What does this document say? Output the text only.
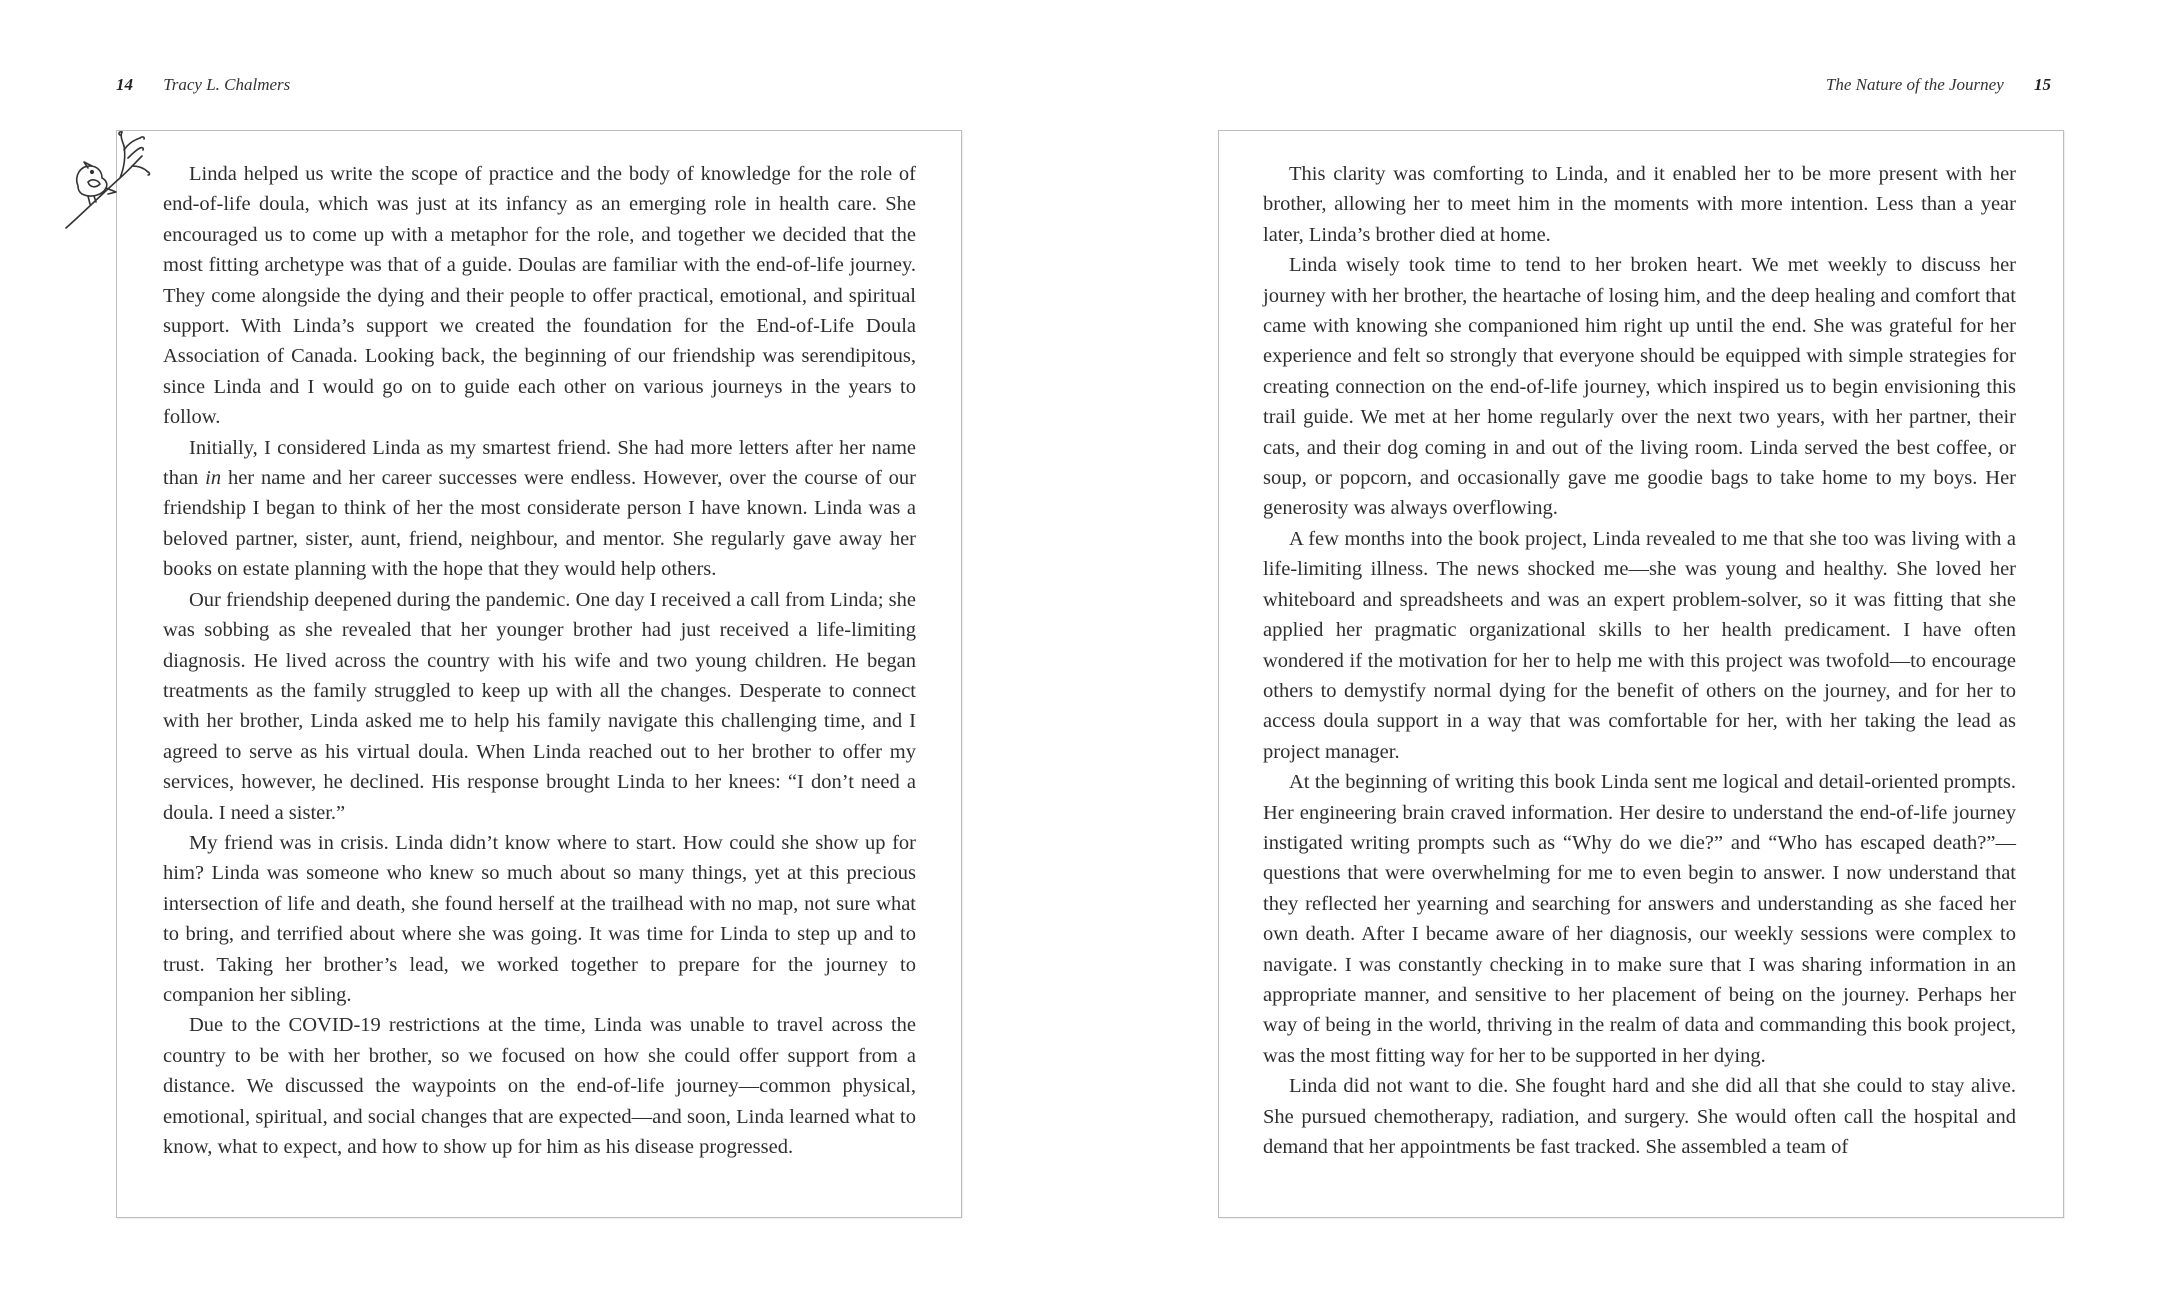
14 Tracy L. Chalmers

Linda helped us write the scope of practice and the body of knowledge for the role of end-of-life doula, which was just at its infancy as an emerging role in health care. She encouraged us to come up with a metaphor for the role, and together we decided that the most fitting archetype was that of a guide. Doulas are familiar with the end-of-life journey. They come alongside the dying and their people to offer practical, emotional, and spiritual support. With Linda’s support we created the foundation for the End-of-Life Doula Association of Canada. Looking back, the beginning of our friendship was serendipitous, since Linda and I would go on to guide each other on various journeys in the years to follow.

Initially, I considered Linda as my smartest friend. She had more letters after her name than in her name and her career successes were endless. However, over the course of our friendship I began to think of her the most considerate person I have known. Linda was a beloved partner, sister, aunt, friend, neighbour, and mentor. She regularly gave away her books on estate planning with the hope that they would help others.

Our friendship deepened during the pandemic. One day I received a call from Linda; she was sobbing as she revealed that her younger brother had just received a life-limiting diagnosis. He lived across the country with his wife and two young children. He began treatments as the family struggled to keep up with all the changes. Desperate to connect with her brother, Linda asked me to help his family navigate this challenging time, and I agreed to serve as his virtual doula. When Linda reached out to her brother to offer my services, however, he declined. His response brought Linda to her knees: “I don’t need a doula. I need a sister.”

My friend was in crisis. Linda didn’t know where to start. How could she show up for him? Linda was someone who knew so much about so many things, yet at this precious intersection of life and death, she found herself at the trailhead with no map, not sure what to bring, and terrified about where she was going. It was time for Linda to step up and to trust. Taking her brother’s lead, we worked together to prepare for the journey to companion her sibling.

Due to the COVID-19 restrictions at the time, Linda was unable to travel across the country to be with her brother, so we focused on how she could offer support from a distance. We discussed the waypoints on the end-of-life journey—common physical, emotional, spiritual, and social changes that are expected—and soon, Linda learned what to know, what to expect, and how to show up for him as his disease progressed.

The Nature of the Journey 15

This clarity was comforting to Linda, and it enabled her to be more present with her brother, allowing her to meet him in the moments with more intention. Less than a year later, Linda’s brother died at home.

Linda wisely took time to tend to her broken heart. We met weekly to discuss her journey with her brother, the heartache of losing him, and the deep healing and comfort that came with knowing she companioned him right up until the end. She was grateful for her experience and felt so strongly that everyone should be equipped with simple strategies for creating connection on the end-of-life journey, which inspired us to begin envisioning this trail guide. We met at her home regularly over the next two years, with her partner, their cats, and their dog coming in and out of the living room. Linda served the best coffee, or soup, or popcorn, and occasionally gave me goodie bags to take home to my boys. Her generosity was always overflowing.

A few months into the book project, Linda revealed to me that she too was living with a life-limiting illness. The news shocked me—she was young and healthy. She loved her whiteboard and spreadsheets and was an expert problem-solver, so it was fitting that she applied her pragmatic organizational skills to her health predicament. I have often wondered if the motivation for her to help me with this project was twofold—to encourage others to demystify normal dying for the benefit of others on the journey, and for her to access doula support in a way that was comfortable for her, with her taking the lead as project manager.

At the beginning of writing this book Linda sent me logical and detail-oriented prompts. Her engineering brain craved information. Her desire to understand the end-of-life journey instigated writing prompts such as “Why do we die?” and “Who has escaped death?”—questions that were overwhelming for me to even begin to answer. I now understand that they reflected her yearning and searching for answers and understanding as she faced her own death. After I became aware of her diagnosis, our weekly sessions were complex to navigate. I was constantly checking in to make sure that I was sharing information in an appropriate manner, and sensitive to her placement of being on the journey. Perhaps her way of being in the world, thriving in the realm of data and commanding this book project, was the most fitting way for her to be supported in her dying.

Linda did not want to die. She fought hard and she did all that she could to stay alive. She pursued chemotherapy, radiation, and surgery. She would often call the hospital and demand that her appointments be fast tracked. She assembled a team of
